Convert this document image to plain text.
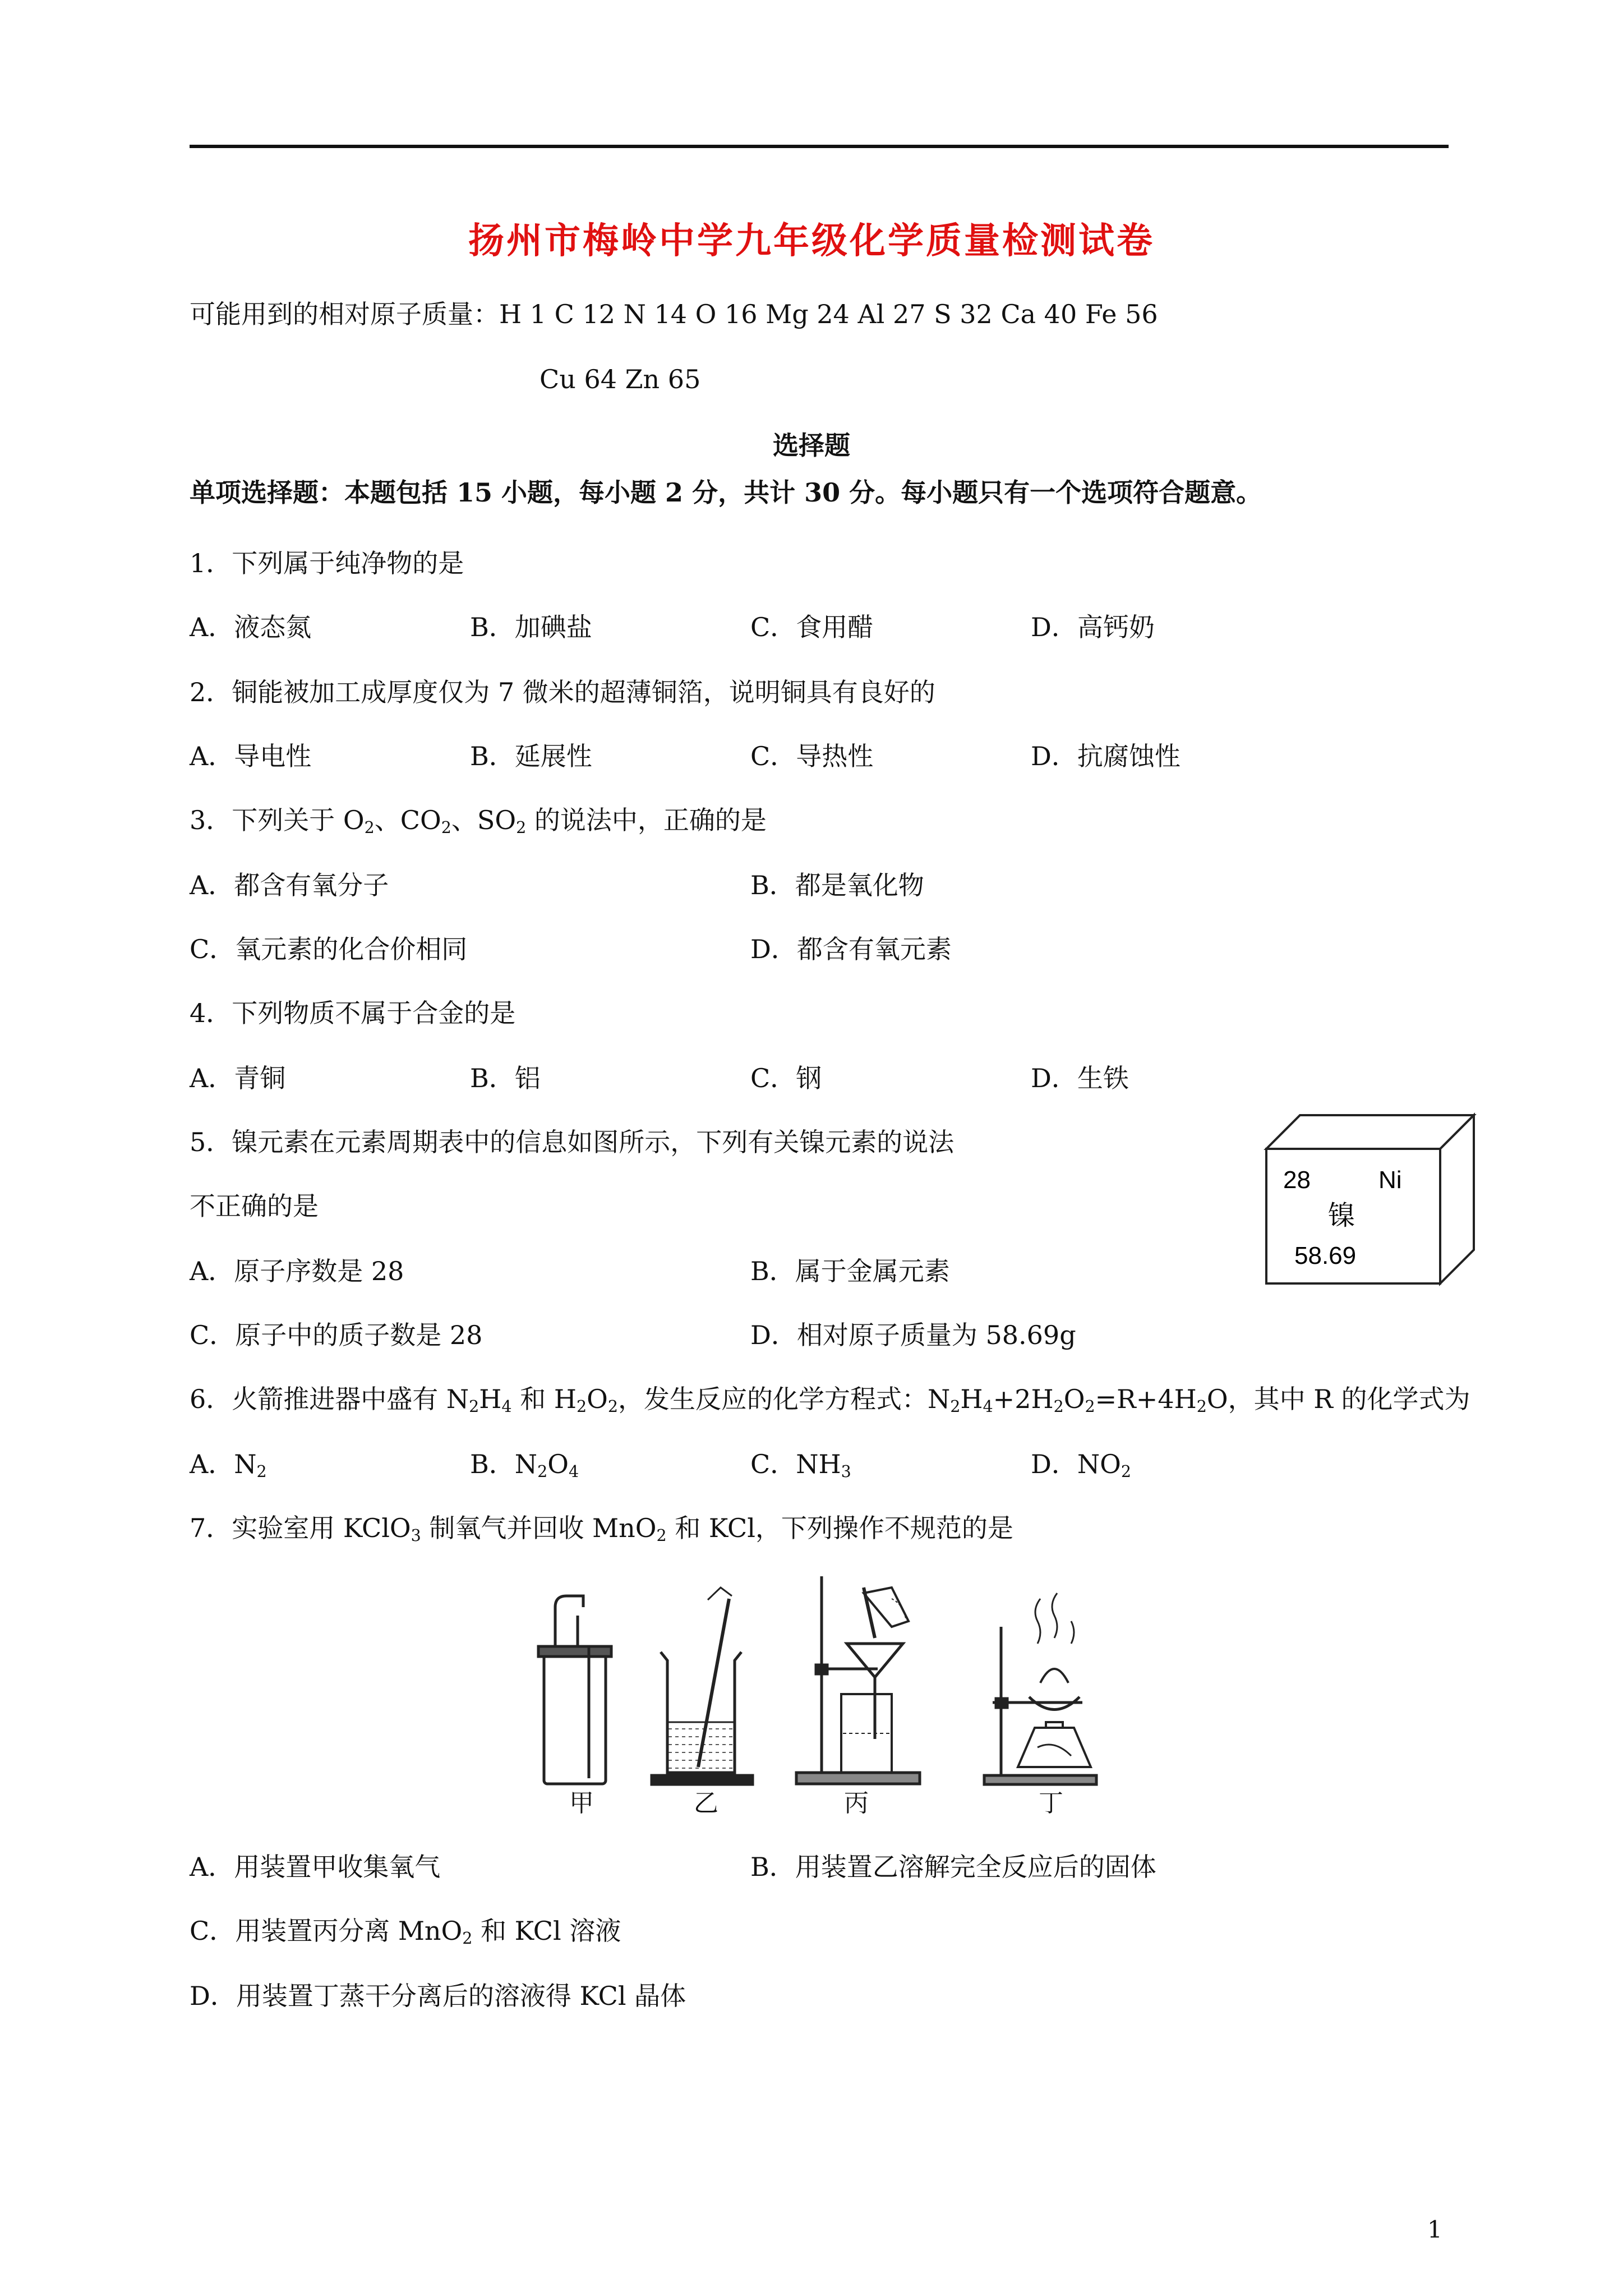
扬州市梅岭中学九年级化学质量检测试卷
可能用到的相对原子质量：H 1 C 12 N 14 O 16 Mg 24 Al 27 S 32 Ca 40 Fe 56
Cu 64 Zn 65
选择题
单项选择题：本题包括 15 小题，每小题 2 分，共计 30 分。每小题只有一个选项符合题意。
1．下列属于纯净物的是
A．液态氮	B．加碘盐	C．食用醋	D．高钙奶
2．铜能被加工成厚度仅为 7 微米的超薄铜箔，说明铜具有良好的
A．导电性	B．延展性	C．导热性	D．抗腐蚀性
3．下列关于 $O_2$、$CO_2$、$SO_2$ 的说法中，正确的是
A．都含有氧分子	B．都是氧化物
C．氧元素的化合价相同	D．都含有氧元素
4．下列物质不属于合金的是
A．青铜	B．铝	C．钢	D．生铁
5．镍元素在元素周期表中的信息如图所示，下列有关镍元素的说法
不正确的是
A．原子序数是 28	B．属于金属元素
C．原子中的质子数是 28	D．相对原子质量为 58.69g
28	Ni
镍
58.69
6．火箭推进器中盛有 $N_2H_4$ 和 $H_2O_2$，发生反应的化学方程式：$N_2H_4+2H_2O_2=R+4H_2O$，其中 R 的化学式为
A．$N_2$	B．$N_2O_4$	C．$NH_3$	D．$NO_2$
7．实验室用 KClO$_3$ 制氧气并回收 MnO$_2$ 和 KCl，下列操作不规范的是
甲	乙	丙	丁
A．用装置甲收集氧气	B．用装置乙溶解完全反应后的固体
C．用装置丙分离 MnO$_2$ 和 KCl 溶液
D．用装置丁蒸干分离后的溶液得 KCl 晶体
1
